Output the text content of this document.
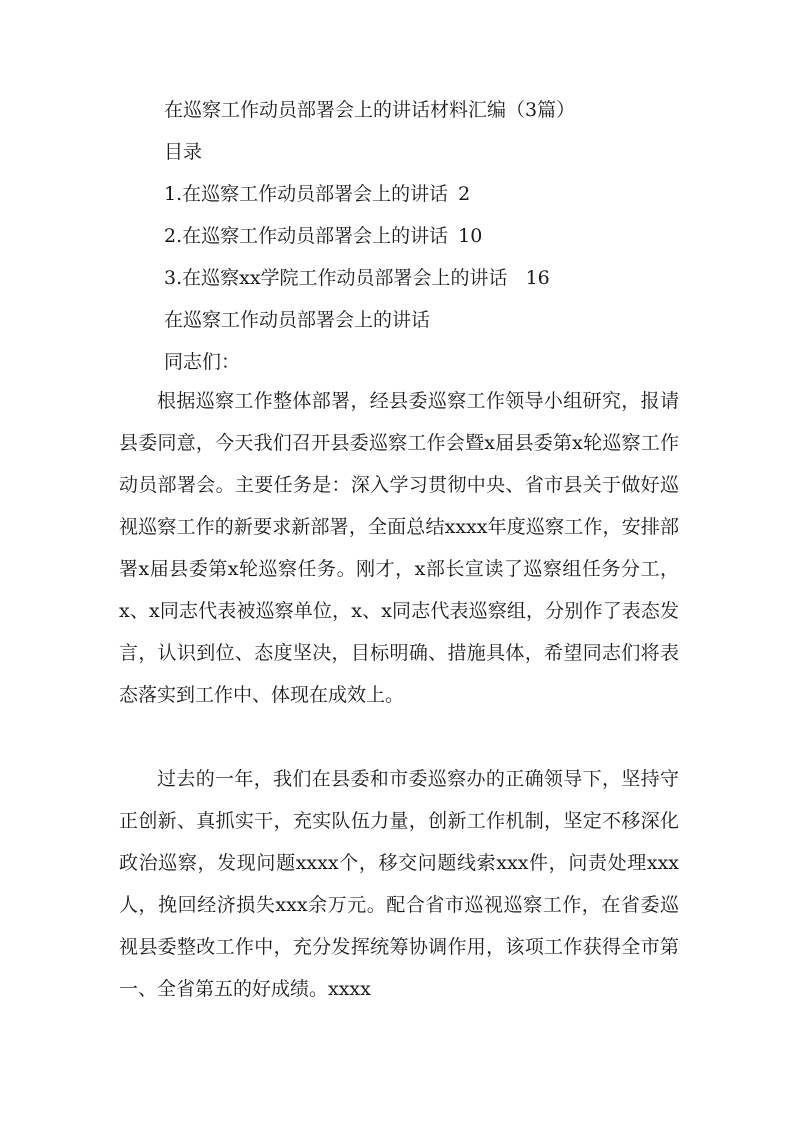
在巡察工作动员部署会上的讲话材料汇编（3篇）
目录
1.在巡察工作动员部署会上的讲话 2
2.在巡察工作动员部署会上的讲话 10
3.在巡察xx学院工作动员部署会上的讲话 16
在巡察工作动员部署会上的讲话
同志们：

根据巡察工作整体部署，经县委巡察工作领导小组研究，报请县委同意，今天我们召开县委巡察工作会暨x届县委第x轮巡察工作动员部署会。主要任务是：深入学习贯彻中央、省市县关于做好巡视巡察工作的新要求新部署，全面总结xxxx年度巡察工作，安排部署x届县委第x轮巡察任务。刚才，x部长宣读了巡察组任务分工，x、x同志代表被巡察单位，x、x同志代表巡察组，分别作了表态发言，认识到位、态度坚决，目标明确、措施具体，希望同志们将表态落实到工作中、体现在成效上。

过去的一年，我们在县委和市委巡察办的正确领导下，坚持守正创新、真抓实干，充实队伍力量，创新工作机制，坚定不移深化政治巡察，发现问题xxxx个，移交问题线索xxx件，问责处理xxx人，挽回经济损失xxx余万元。配合省市巡视巡察工作，在省委巡视县委整改工作中，充分发挥统筹协调作用，该项工作获得全市第一、全省第五的好成绩。xxxx
